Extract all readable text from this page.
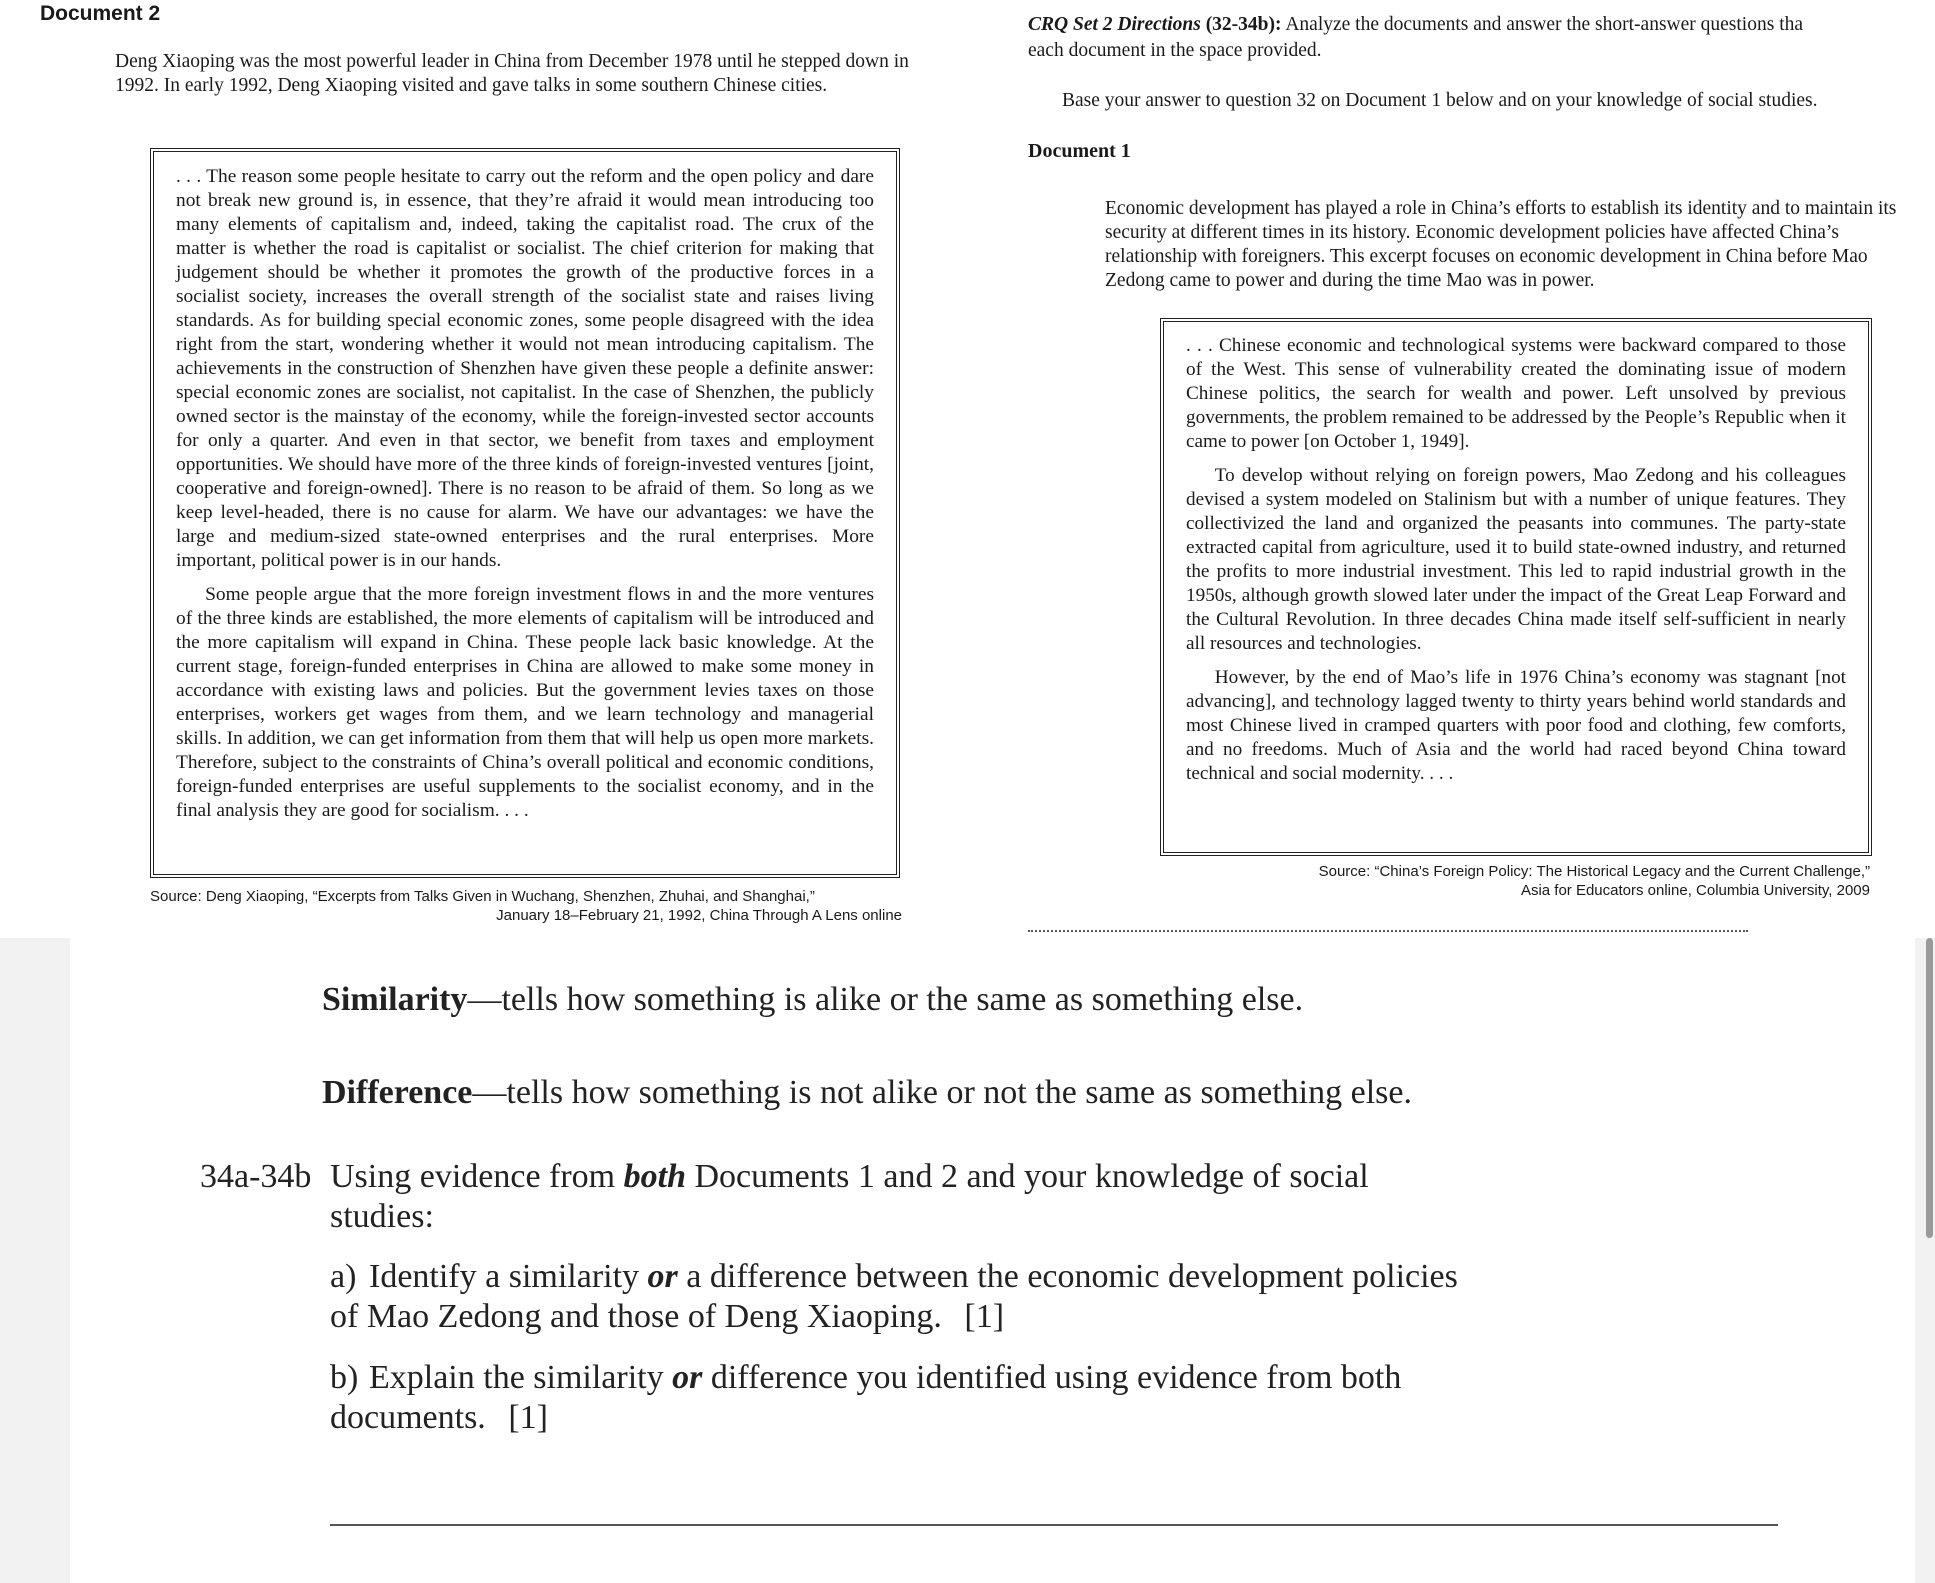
Document 2
Deng Xiaoping was the most powerful leader in China from December 1978 until he stepped down in 1992. In early 1992, Deng Xiaoping visited and gave talks in some southern Chinese cities.

. . . The reason some people hesitate to carry out the reform and the open policy and dare not break new ground is, in essence, that they’re afraid it would mean introducing too many elements of capitalism and, indeed, taking the capitalist road. The crux of the matter is whether the road is capitalist or socialist. The chief criterion for making that judgement should be whether it promotes the growth of the productive forces in a socialist society, increases the overall strength of the socialist state and raises living standards. As for building special economic zones, some people disagreed with the idea right from the start, wondering whether it would not mean introducing capitalism. The achievements in the construction of Shenzhen have given these people a definite answer: special economic zones are socialist, not capitalist. In the case of Shenzhen, the publicly owned sector is the mainstay of the economy, while the foreign-invested sector accounts for only a quarter. And even in that sector, we benefit from taxes and employment opportunities. We should have more of the three kinds of foreign-invested ventures [joint, cooperative and foreign-owned]. There is no reason to be afraid of them. So long as we keep level-headed, there is no cause for alarm. We have our advantages: we have the large and medium-sized state-owned enterprises and the rural enterprises. More important, political power is in our hands.

Some people argue that the more foreign investment flows in and the more ventures of the three kinds are established, the more elements of capitalism will be introduced and the more capitalism will expand in China. These people lack basic knowledge. At the current stage, foreign-funded enterprises in China are allowed to make some money in accordance with existing laws and policies. But the government levies taxes on those enterprises, workers get wages from them, and we learn technology and managerial skills. In addition, we can get information from them that will help us open more markets. Therefore, subject to the constraints of China’s overall political and economic conditions, foreign-funded enterprises are useful supplements to the socialist economy, and in the final analysis they are good for socialism. . . .

Source: Deng Xiaoping, “Excerpts from Talks Given in Wuchang, Shenzhen, Zhuhai, and Shanghai,”
January 18–February 21, 1992, China Through A Lens online
CRQ Set 2 Directions (32-34b): Analyze the documents and answer the short-answer questions tha
each document in the space provided.
Base your answer to question 32 on Document 1 below and on your knowledge of social studies.
Document 1
Economic development has played a role in China’s efforts to establish its identity and to maintain its security at different times in its history. Economic development policies have affected China’s relationship with foreigners. This excerpt focuses on economic development in China before Mao Zedong came to power and during the time Mao was in power.

. . . Chinese economic and technological systems were backward compared to those of the West. This sense of vulnerability created the dominating issue of modern Chinese politics, the search for wealth and power. Left unsolved by previous governments, the problem remained to be addressed by the People’s Republic when it came to power [on October 1, 1949].

To develop without relying on foreign powers, Mao Zedong and his colleagues devised a system modeled on Stalinism but with a number of unique features. They collectivized the land and organized the peasants into communes. The party-state extracted capital from agriculture, used it to build state-owned industry, and returned the profits to more industrial investment. This led to rapid industrial growth in the 1950s, although growth slowed later under the impact of the Great Leap Forward and the Cultural Revolution. In three decades China made itself self-sufficient in nearly all resources and technologies.

However, by the end of Mao’s life in 1976 China’s economy was stagnant [not advancing], and technology lagged twenty to thirty years behind world standards and most Chinese lived in cramped quarters with poor food and clothing, few comforts, and no freedoms. Much of Asia and the world had raced beyond China toward technical and social modernity. . . .

Source: “China’s Foreign Policy: The Historical Legacy and the Current Challenge,”
Asia for Educators online, Columbia University, 2009
Similarity—tells how something is alike or the same as something else.
Difference—tells how something is not alike or not the same as something else.
34a-34b Using evidence from both Documents 1 and 2 and your knowledge of social studies:
a) Identify a similarity or a difference between the economic development policies of Mao Zedong and those of Deng Xiaoping. [1]
b) Explain the similarity or difference you identified using evidence from both documents. [1]
